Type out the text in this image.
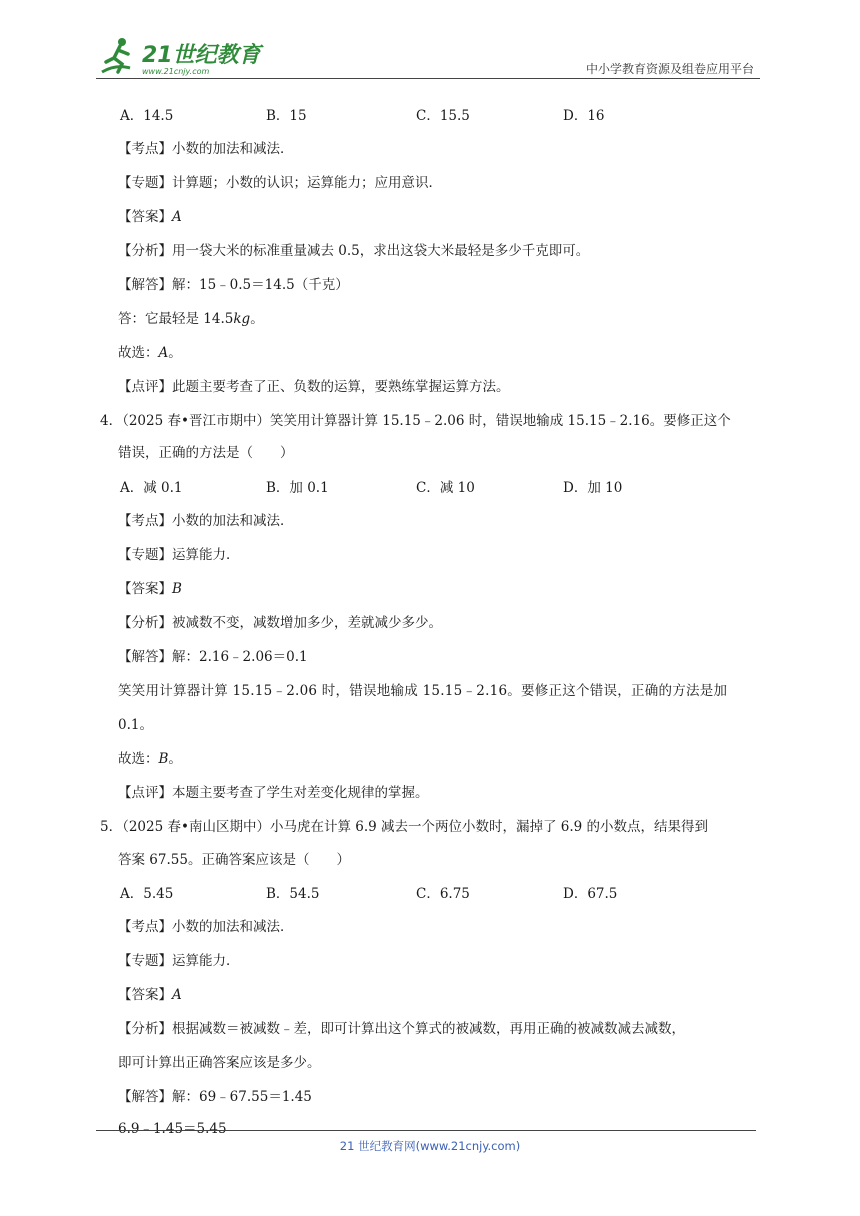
21世纪教育
www.21cnjy.com	中小学教育资源及组卷应用平台
A．14.5	B．15	C．15.5	D．16
【考点】小数的加法和减法．
【专题】计算题；小数的认识；运算能力；应用意识．
【答案】A
【分析】用一袋大米的标准重量减去 0.5，求出这袋大米最轻是多少千克即可。
【解答】解：15﹣0.5＝14.5（千克）
答：它最轻是 14.5kg。
故选：A。
【点评】此题主要考查了正、负数的运算，要熟练掌握运算方法。
4．（2025 春•晋江市期中）笑笑用计算器计算 15.15﹣2.06 时，错误地输成 15.15﹣2.16。要修正这个
错误，正确的方法是（　　）
A．减 0.1	B．加 0.1	C．减 10	D．加 10
【考点】小数的加法和减法．
【专题】运算能力．
【答案】B
【分析】被减数不变，减数增加多少，差就减少多少。
【解答】解：2.16﹣2.06＝0.1
笑笑用计算器计算 15.15﹣2.06 时，错误地输成 15.15﹣2.16。要修正这个错误，正确的方法是加
0.1。
故选：B。
【点评】本题主要考查了学生对差变化规律的掌握。
5．（2025 春•南山区期中）小马虎在计算 6.9 减去一个两位小数时，漏掉了 6.9 的小数点，结果得到
答案 67.55。正确答案应该是（　　）
A．5.45	B．54.5	C．6.75	D．67.5
【考点】小数的加法和减法．
【专题】运算能力．
【答案】A
【分析】根据减数＝被减数﹣差，即可计算出这个算式的被减数，再用正确的被减数减去减数，
即可计算出正确答案应该是多少。
【解答】解：69﹣67.55＝1.45
6.9﹣1.45＝5.45
21 世纪教育网(www.21cnjy.com)
